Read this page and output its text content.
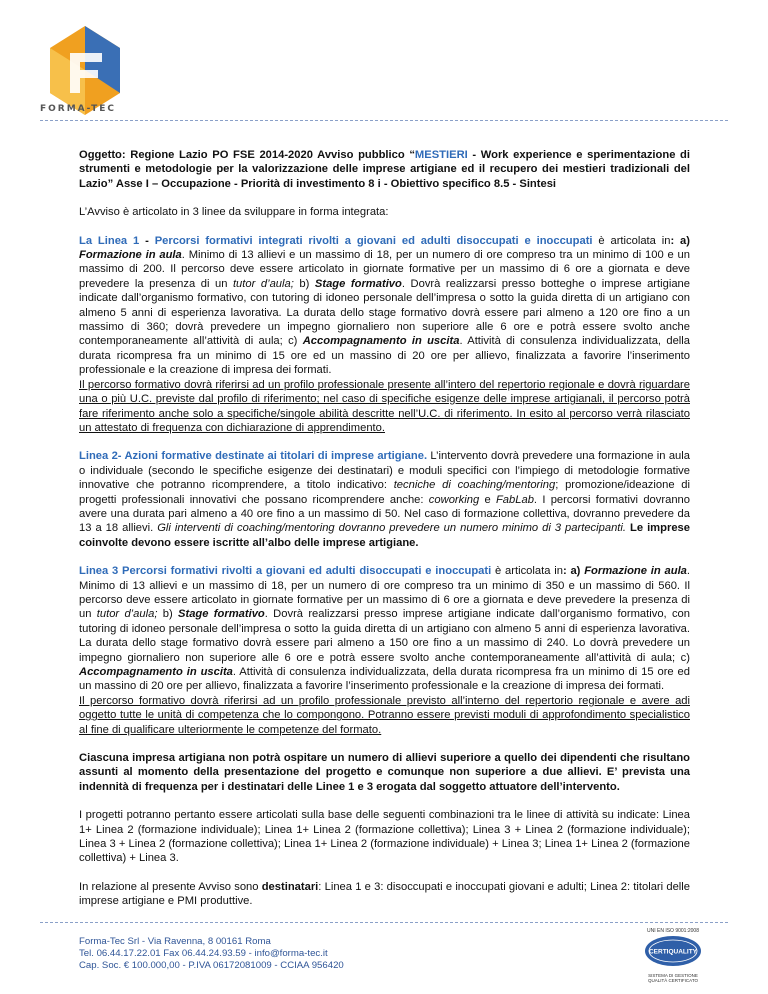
FORMA-TEC

Oggetto: Regione Lazio PO FSE 2014-2020 Avviso pubblico “MESTIERI - Work experience e sperimentazione di strumenti e metodologie per la valorizzazione delle imprese artigiane ed il recupero dei mestieri tradizionali del Lazio” Asse I – Occupazione - Priorità di investimento 8 i - Obiettivo specifico 8.5 - Sintesi

L’Avviso è articolato in 3 linee da sviluppare in forma integrata:

La Linea 1 - Percorsi formativi integrati rivolti a giovani ed adulti disoccupati e inoccupati è articolata in: a) Formazione in aula. Minimo di 13 allievi e un massimo di 18, per un numero di ore compreso tra un minimo di 100 e un massimo di 200. Il percorso deve essere articolato in giornate formative per un massimo di 6 ore a giornata e deve prevedere la presenza di un tutor d’aula; b) Stage formativo. Dovrà realizzarsi presso botteghe o imprese artigiane indicate dall’organismo formativo, con tutoring di idoneo personale dell’impresa o sotto la guida diretta di un artigiano con almeno 5 anni di esperienza lavorativa. La durata dello stage formativo dovrà essere pari almeno a 120 ore fino a un massimo di 360; dovrà prevedere un impegno giornaliero non superiore alle 6 ore e potrà essere svolto anche contemporaneamente all’attività di aula; c) Accompagnamento in uscita. Attività di consulenza individualizzata, della durata ricompresa fra un minimo di 15 ore ed un massino di 20 ore per allievo, finalizzata a favorire l’inserimento professionale e la creazione di impresa dei formati.
Il percorso formativo dovrà riferirsi ad un profilo professionale presente all’intero del repertorio regionale e dovrà riguardare una o più U.C. previste dal profilo di riferimento; nel caso di specifiche esigenze delle imprese artigianali, il percorso potrà fare riferimento anche solo a specifiche/singole abilità descritte nell’U.C. di riferimento. In esito al percorso verrà rilasciato un attestato di frequenza con dichiarazione di apprendimento.

Linea 2- Azioni formative destinate ai titolari di imprese artigiane. L’intervento dovrà prevedere una formazione in aula o individuale (secondo le specifiche esigenze dei destinatari) e moduli specifici con l’impiego di metodologie formative innovative che potranno ricomprendere, a titolo indicativo: tecniche di coaching/mentoring; promozione/ideazione di progetti professionali innovativi che possano ricomprendere anche: coworking e FabLab. I percorsi formativi dovranno avere una durata pari almeno a 40 ore fino a un massimo di 50. Nel caso di formazione collettiva, dovranno prevedere da 13 a 18 allievi. Gli interventi di coaching/mentoring dovranno prevedere un numero minimo di 3 partecipanti. Le imprese coinvolte devono essere iscritte all’albo delle imprese artigiane.

Linea 3 Percorsi formativi rivolti a giovani ed adulti disoccupati e inoccupati è articolata in: a) Formazione in aula. Minimo di 13 allievi e un massimo di 18, per un numero di ore compreso tra un minimo di 350 e un massimo di 560. Il percorso deve essere articolato in giornate formative per un massimo di 6 ore a giornata e deve prevedere la presenza di un tutor d’aula; b) Stage formativo. Dovrà realizzarsi presso imprese artigiane indicate dall’organismo formativo, con tutoring di idoneo personale dell’impresa o sotto la guida diretta di un artigiano con almeno 5 anni di esperienza lavorativa. La durata dello stage formativo dovrà essere pari almeno a 150 ore fino a un massimo di 240. Lo dovrà prevedere un impegno giornaliero non superiore alle 6 ore e potrà essere svolto anche contemporaneamente all’attività di aula; c) Accompagnamento in uscita. Attività di consulenza individualizzata, della durata ricompresa fra un minimo di 15 ore ed un massino di 20 ore per allievo, finalizzata a favorire l’inserimento professionale e la creazione di impresa dei formati.
Il percorso formativo dovrà riferirsi ad un profilo professionale previsto all’interno del repertorio regionale e avere adi oggetto tutte le unità di competenza che lo compongono. Potranno essere previsti moduli di approfondimento specialistico al fine di qualificare ulteriormente le competenze del formato.

Ciascuna impresa artigiana non potrà ospitare un numero di allievi superiore a quello dei dipendenti che risultano assunti al momento della presentazione del progetto e comunque non superiore a due allievi. E’ prevista una indennità di frequenza per i destinatari delle Linee 1 e 3 erogata dal soggetto attuatore dell’intervento.

I progetti potranno pertanto essere articolati sulla base delle seguenti combinazioni tra le linee di attività su indicate: Linea 1+ Linea 2 (formazione individuale); Linea 1+ Linea 2 (formazione collettiva); Linea 3 + Linea 2 (formazione individuale); Linea 3 + Linea 2 (formazione collettiva); Linea 1+ Linea 2 (formazione individuale) + Linea 3; Linea 1+ Linea 2 (formazione collettiva) + Linea 3.

In relazione al presente Avviso sono destinatari: Linea 1 e 3: disoccupati e inoccupati giovani e adulti; Linea 2: titolari delle imprese artigiane e PMI produttive.

Forma-Tec Srl - Via Ravenna, 8 00161 Roma
Tel. 06.44.17.22.01 Fax 06.44.24.93.59 - info@forma-tec.it
Cap. Soc. € 100.000,00 - P.IVA 06172081009 - CCIAA 956420
UNI EN ISO 9001:2008
CERTIQUALITY
SISTEMA DI GESTIONE
QUALITÀ CERTIFICATO
